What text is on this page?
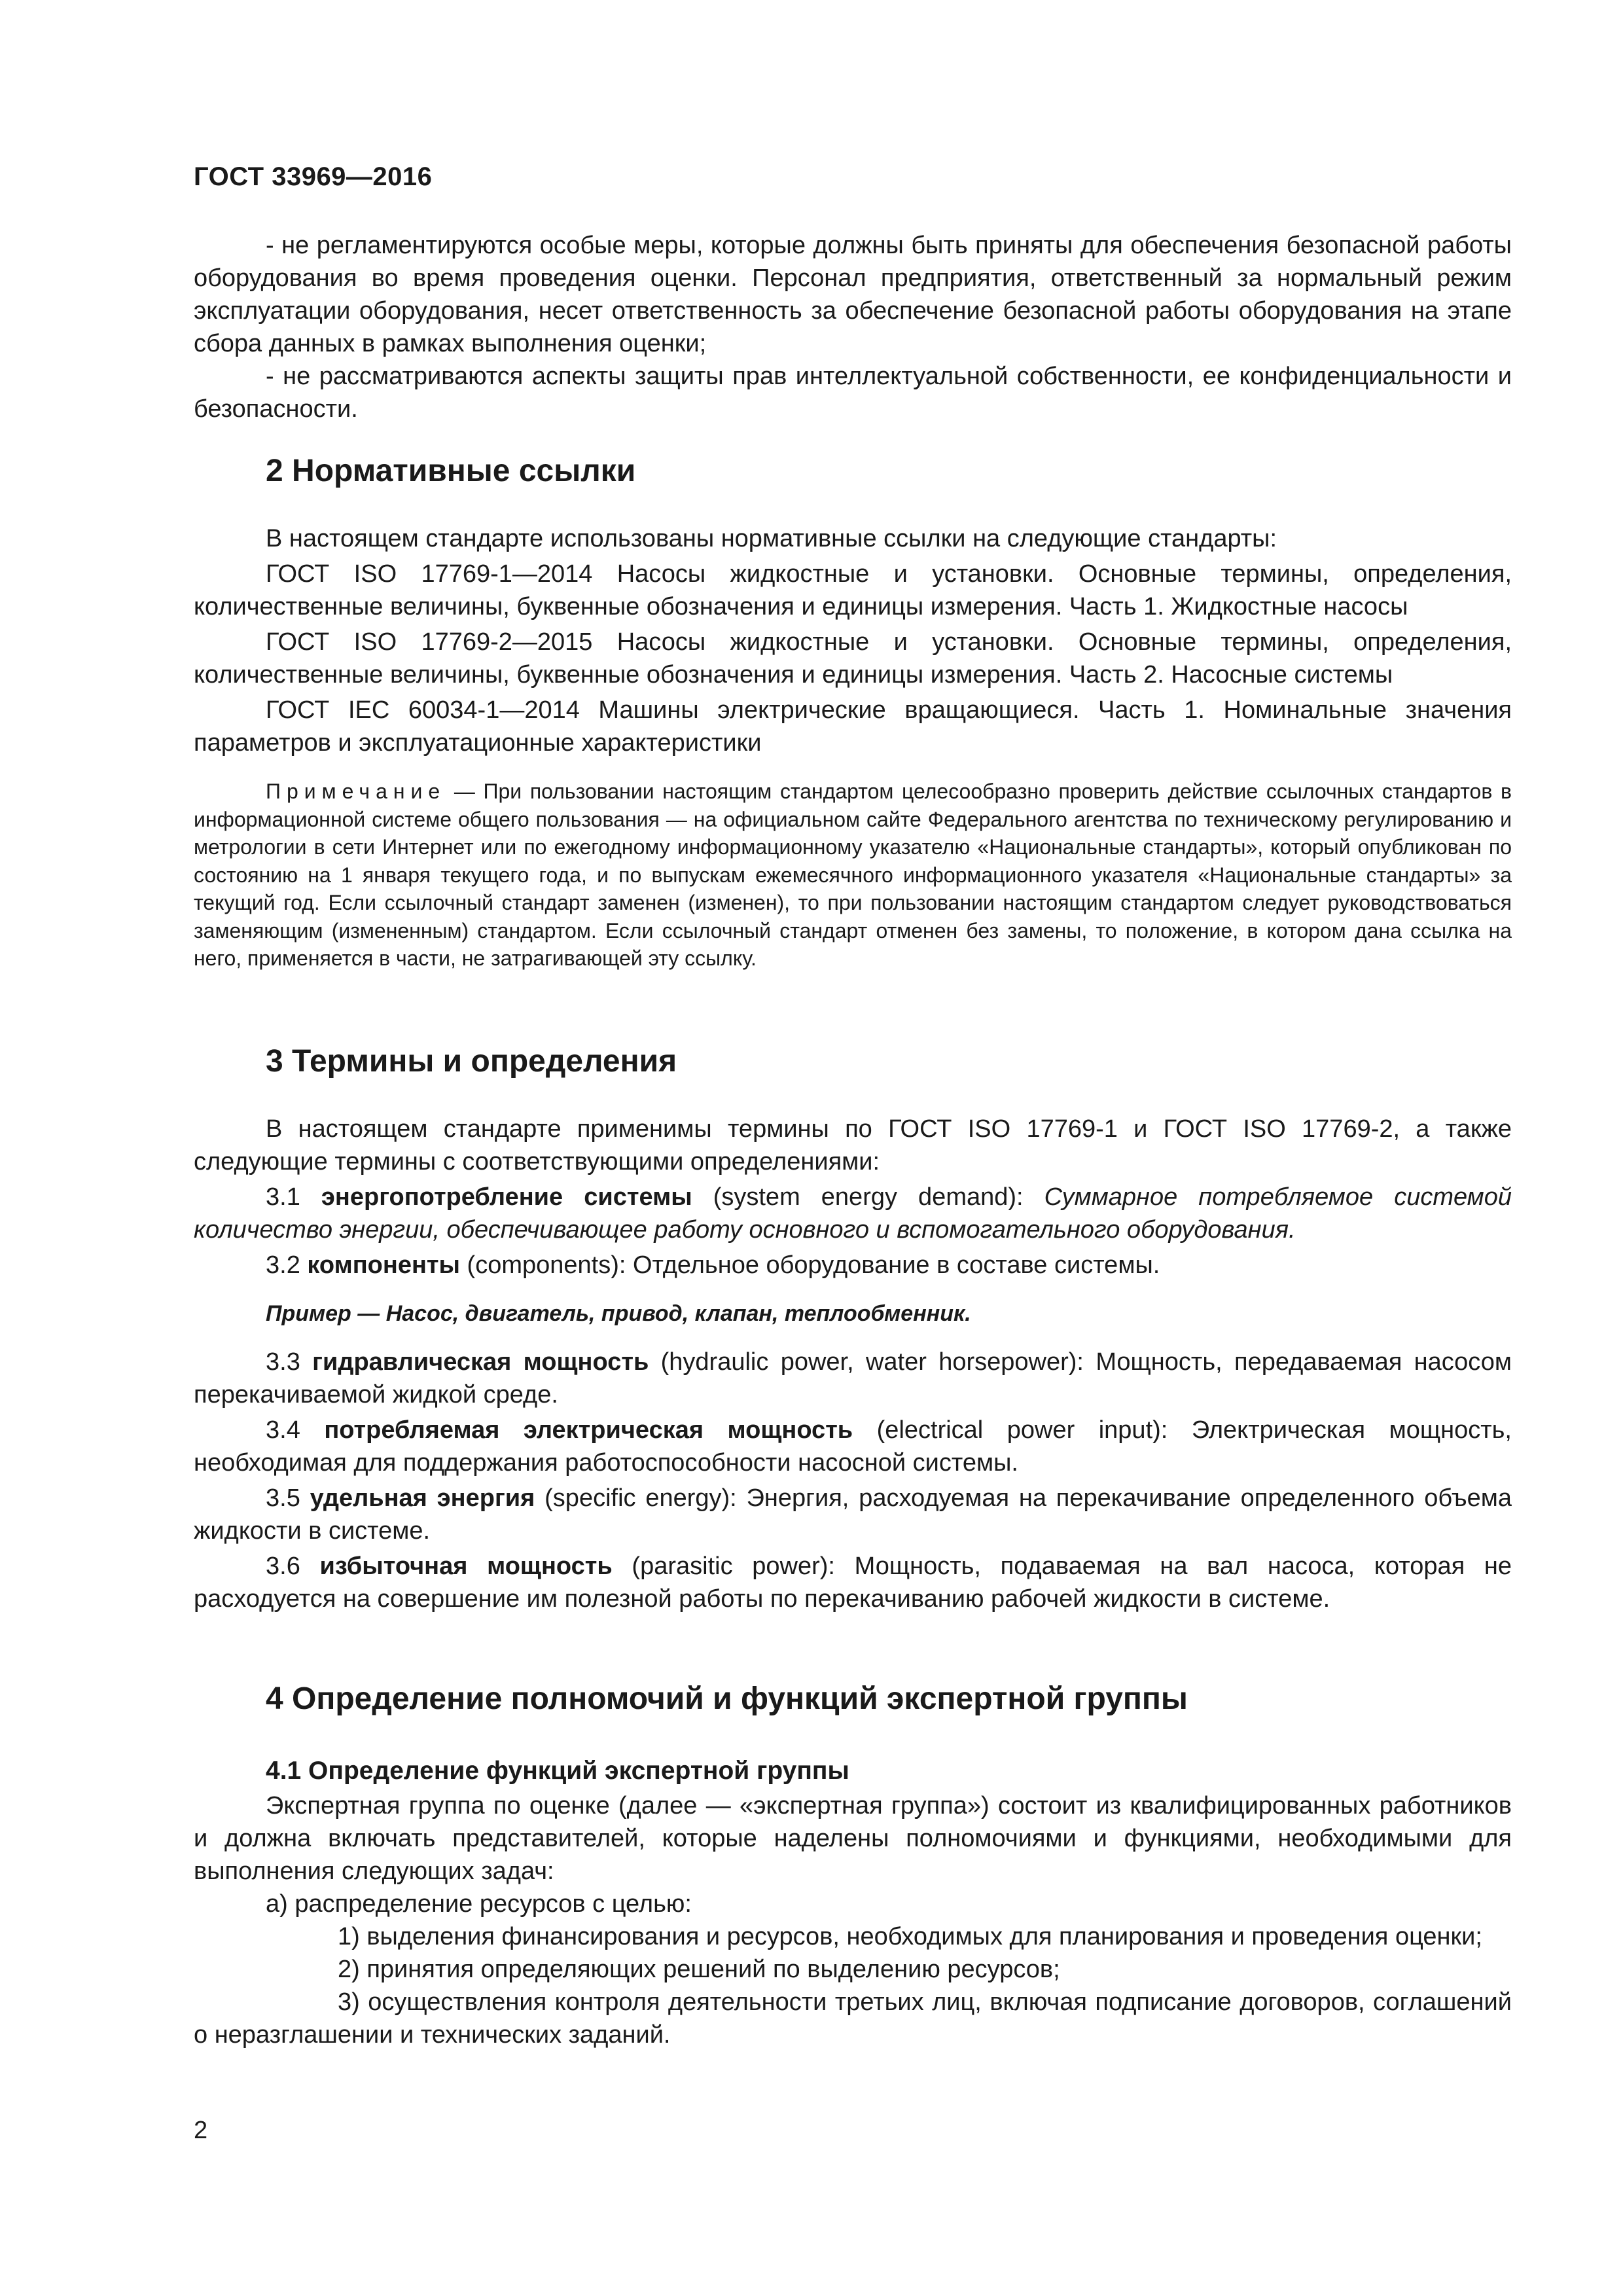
ГОСТ 33969—2016

- не регламентируются особые меры, которые должны быть приняты для обеспечения безопасной работы оборудования во время проведения оценки. Персонал предприятия, ответственный за нормальный режим эксплуатации оборудования, несет ответственность за обеспечение безопасной работы оборудования на этапе сбора данных в рамках выполнения оценки;

- не рассматриваются аспекты защиты прав интеллектуальной собственности, ее конфиденциальности и безопасности.

2 Нормативные ссылки

В настоящем стандарте использованы нормативные ссылки на следующие стандарты:

ГОСТ ISO 17769-1—2014 Насосы жидкостные и установки. Основные термины, определения, количественные величины, буквенные обозначения и единицы измерения. Часть 1. Жидкостные насосы

ГОСТ ISO 17769-2—2015 Насосы жидкостные и установки. Основные термины, определения, количественные величины, буквенные обозначения и единицы измерения. Часть 2. Насосные системы

ГОСТ IEC 60034-1—2014 Машины электрические вращающиеся. Часть 1. Номинальные значения параметров и эксплуатационные характеристики

Примечание — При пользовании настоящим стандартом целесообразно проверить действие ссылочных стандартов в информационной системе общего пользования — на официальном сайте Федерального агентства по техническому регулированию и метрологии в сети Интернет или по ежегодному информационному указателю «Национальные стандарты», который опубликован по состоянию на 1 января текущего года, и по выпускам ежемесячного информационного указателя «Национальные стандарты» за текущий год. Если ссылочный стандарт заменен (изменен), то при пользовании настоящим стандартом следует руководствоваться заменяющим (измененным) стандартом. Если ссылочный стандарт отменен без замены, то положение, в котором дана ссылка на него, применяется в части, не затрагивающей эту ссылку.

3 Термины и определения

В настоящем стандарте применимы термины по ГОСТ ISO 17769-1 и ГОСТ ISO 17769-2, а также следующие термины с соответствующими определениями:

3.1 энергопотребление системы (system energy demand): Суммарное потребляемое системой количество энергии, обеспечивающее работу основного и вспомогательного оборудования.

3.2 компоненты (components): Отдельное оборудование в составе системы.

Пример — Насос, двигатель, привод, клапан, теплообменник.

3.3 гидравлическая мощность (hydraulic power, water horsepower): Мощность, передаваемая насосом перекачиваемой жидкой среде.

3.4 потребляемая электрическая мощность (electrical power input): Электрическая мощность, необходимая для поддержания работоспособности насосной системы.

3.5 удельная энергия (specific energy): Энергия, расходуемая на перекачивание определенного объема жидкости в системе.

3.6 избыточная мощность (parasitic power): Мощность, подаваемая на вал насоса, которая не расходуется на совершение им полезной работы по перекачиванию рабочей жидкости в системе.

4 Определение полномочий и функций экспертной группы
4.1 Определение функций экспертной группы

Экспертная группа по оценке (далее — «экспертная группа») состоит из квалифицированных работников и должна включать представителей, которые наделены полномочиями и функциями, необходимыми для выполнения следующих задач:

а) распределение ресурсов с целью:

1) выделения финансирования и ресурсов, необходимых для планирования и проведения оценки;

2) принятия определяющих решений по выделению ресурсов;

3) осуществления контроля деятельности третьих лиц, включая подписание договоров, соглашений о неразглашении и технических заданий.

2
